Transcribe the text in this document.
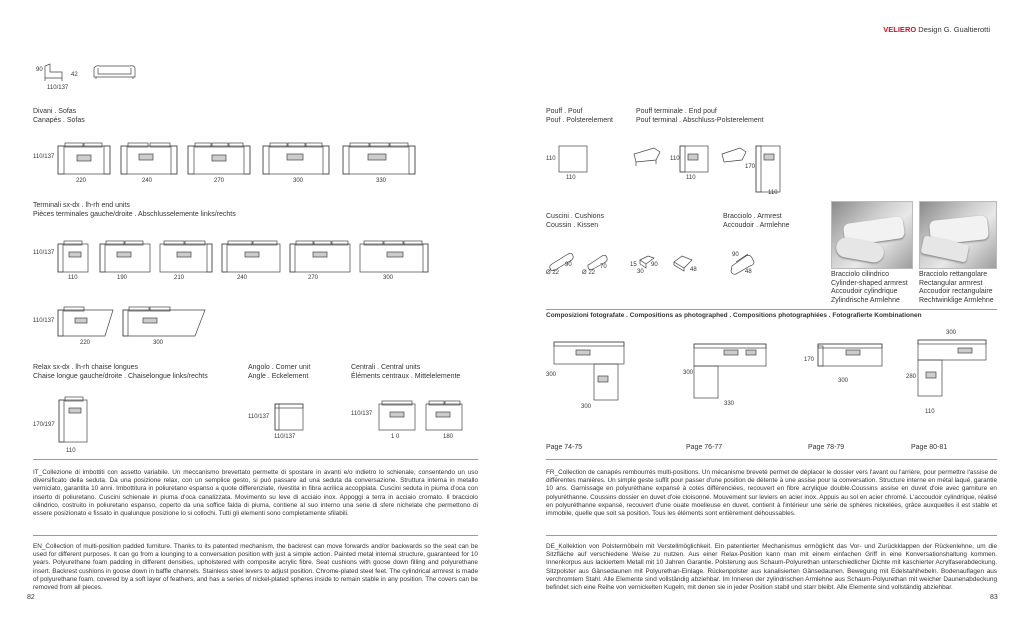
VELIERO Design G. Gualtierotti
90
42
110/137
Divani . Sofas
Canapés . Sofas
110/137
220	240	270	300	330
Terminali sx-dx . lh-rh end units
Pièces terminales gauche/droite . Abschlusselemente links/rechts
110/137
110	190	210	240	270	300
110/137
220	300
Relax sx-dx . lh-rh chaise longues
Chaise longue gauche/droite . Chaiselongue links/rechts
170/197
110
Angolo . Corner unit
Angle . Eckelement
110/137
110/137
Centrali . Central units
Éléments centraux . Mittelelemente
110/137
1 0	180
IT_Collezione di imbottiti con assetto variabile. Un meccanismo brevettato permette di spostare in avanti e/o indietro lo schienale, consentendo un uso diversificato della seduta. Da una posizione relax, con un semplice gesto, si può passare ad una seduta da conversazione. Struttura interna in metallo verniciato, garantita 10 anni. Imbottitura in poliuretano espanso a quote differenziate, rivestita in fibra acrilica accoppiata. Cuscini seduta in piuma d'oca con inserto di poliuretano. Cuscini schienale in piuma d'oca canalizzata. Movimento su leve di acciaio inox. Appoggi a terra in acciaio cromato. Il bracciolo cilindrico, costruito in poliuretano espanso, coperto da una soffice falda di piuma, contiene al suo interno una serie di sfere nichelate che permettono di essere posizionato e fissato in qualunque posizione lo si collochi. Tutti gli elementi sono completamente sfilabili.
EN_Collection of multi-position padded furniture. Thanks to its patented mechanism, the backrest can move forwards and/or backwards so the seat can be used for different purposes. It can go from a lounging to a conversation position with just a simple action. Painted metal internal structure, guaranteed for 10 years. Polyurethane foam padding in different densities, upholstered with composite acrylic fibre. Seat cushions with goose down filling and polyurethane insert. Backrest cushions in goose down in baffle channels. Stainless steel levers to adjust position. Chrome-plated steel feet. The cylindrical armrest is made of polyurethane foam, covered by a soft layer of feathers, and has a series of nickel-plated spheres inside to remain stable in any position. The covers can be removed from all pieces.
82
Pouff . Pouf
Pouf . Polsterelement
110
110
Pouff terminale . End pouf
Pouf terminal . Abschluss-Polsterelement
110
110
170
110
Cuscini . Cushions
Coussin . Kissen
90
Ø 22
70
Ø 22
15 90
30	48
Bracciolo . Armrest
Accoudoir . Armlehne
90
48	Bracciolo cilindrico
Cylinder-shaped armrest
Accoudoir cylindrique
Zylindrische Armlehne
Bracciolo rettangolare
Rectangular armrest
Accoudoir rectangulaire
Rechtwinklige Armlehne
Composizioni fotografate . Compositions as photographed . Compositions photographiées . Fotografierte Kombinationen
300
300
300
330
170
300
300
280
110
Page 74-75	Page 76-77	Page 78-79	Page 80-81
FR_Collection de canapés rembourrés multi-positions. Un mécanisme breveté permet de déplacer le dossier vers l'avant ou l'arrière, pour permettre l'assise de différentes manières. Un simple geste suffit pour passer d'une position de détente à une assise pour la conversation. Structure interne en métal laqué, garantie 10 ans. Garnissage en polyuréthane expansé à cotes différenciées, recouvert en fibre acrylique double.Coussins assise en duvet d'oie avec garniture en polyuréthanne. Coussins dossier en duvet d'oie cloisonné. Mouvement sur leviers en acier inox. Appuis au sol en acier chromé. L'accoudoir cylindrique, réalisé en polyuréthanne expansé, recouvert d'une ouate moelleuse en duvet, contient à l'intérieur une série de sphères nickelées, grâce auxquelles il est stable et immobile, quelle que soit sa position. Tous les éléments sont entièrement déhoussables.
DE_Kollektion von Polstermöbeln mit Verstellmöglichkeit. Ein patentierter Mechanismus ermöglicht das Vor- und Zurückklappen der Rückenlehne, um die Sitzfläche auf verschiedene Weise zu nutzen. Aus einer Relax-Position kann man mit einem einfachen Griff in eine Konversationshaltung kommen. Innenkorpus aus lackiertem Metall mit 10 Jahren Garantie. Polsterung aus Schaum-Polyurethan unterschiedlicher Dichte mit kaschierter Acrylfaserabdeckung. Sitzpolster aus Gänsedaunen mit Polyurethan-Einlage. Rückenpolster aus kanalisierten Gänsedaunen. Bewegung mit Edelstahlhebeln. Bodenauflagen aus verchromtem Stahl. Alle Elemente sind vollständig abziehbar. Im Inneren der zylindrischen Armlehne aus Schaum-Polyurethan mit weicher Daunenabdeckung befindet sich eine Reihe von vernickelten Kugeln, mit denen sie in jeder Position stabil und starr bleibt. Alle Elemente sind vollständig abziehbar.
83
